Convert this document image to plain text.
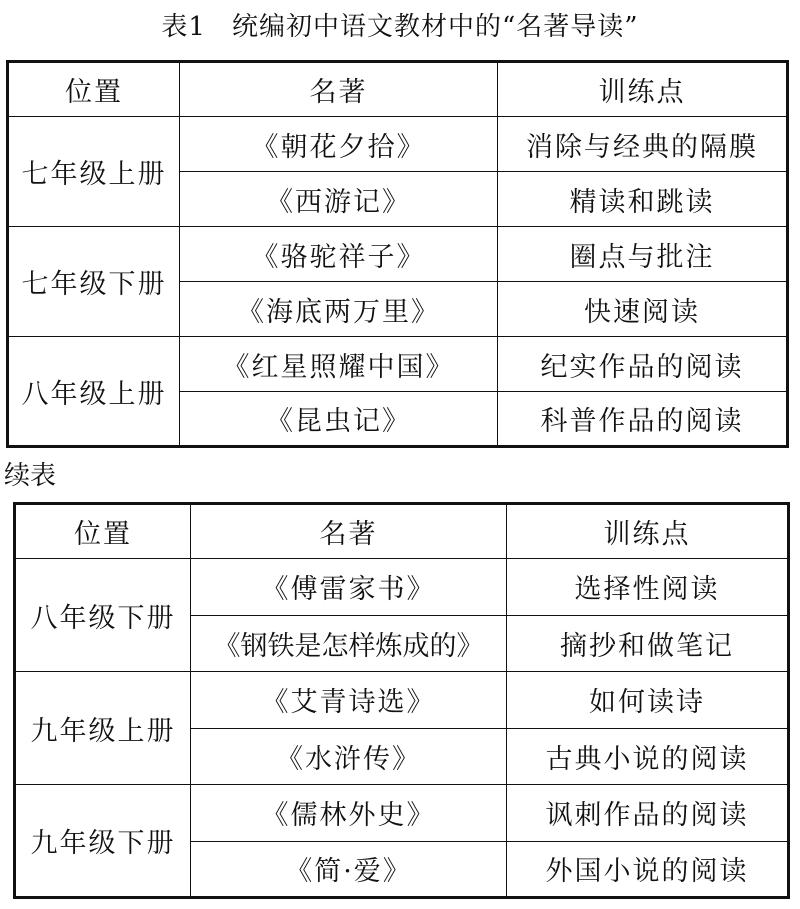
表1 统编初中语文教材中的“名著导读”
位置	名著	训练点
七年级上册	《朝花夕拾》	消除与经典的隔膜
	《西游记》	精读和跳读
七年级下册	《骆驼祥子》	圈点与批注
	《海底两万里》	快速阅读
八年级上册	《红星照耀中国》	纪实作品的阅读
	《昆虫记》	科普作品的阅读
续表
位置	名著	训练点
八年级下册	《傅雷家书》	选择性阅读
	《钢铁是怎样炼成的》	摘抄和做笔记
九年级上册	《艾青诗选》	如何读诗
	《水浒传》	古典小说的阅读
九年级下册	《儒林外史》	讽刺作品的阅读
	《简·爱》	外国小说的阅读
